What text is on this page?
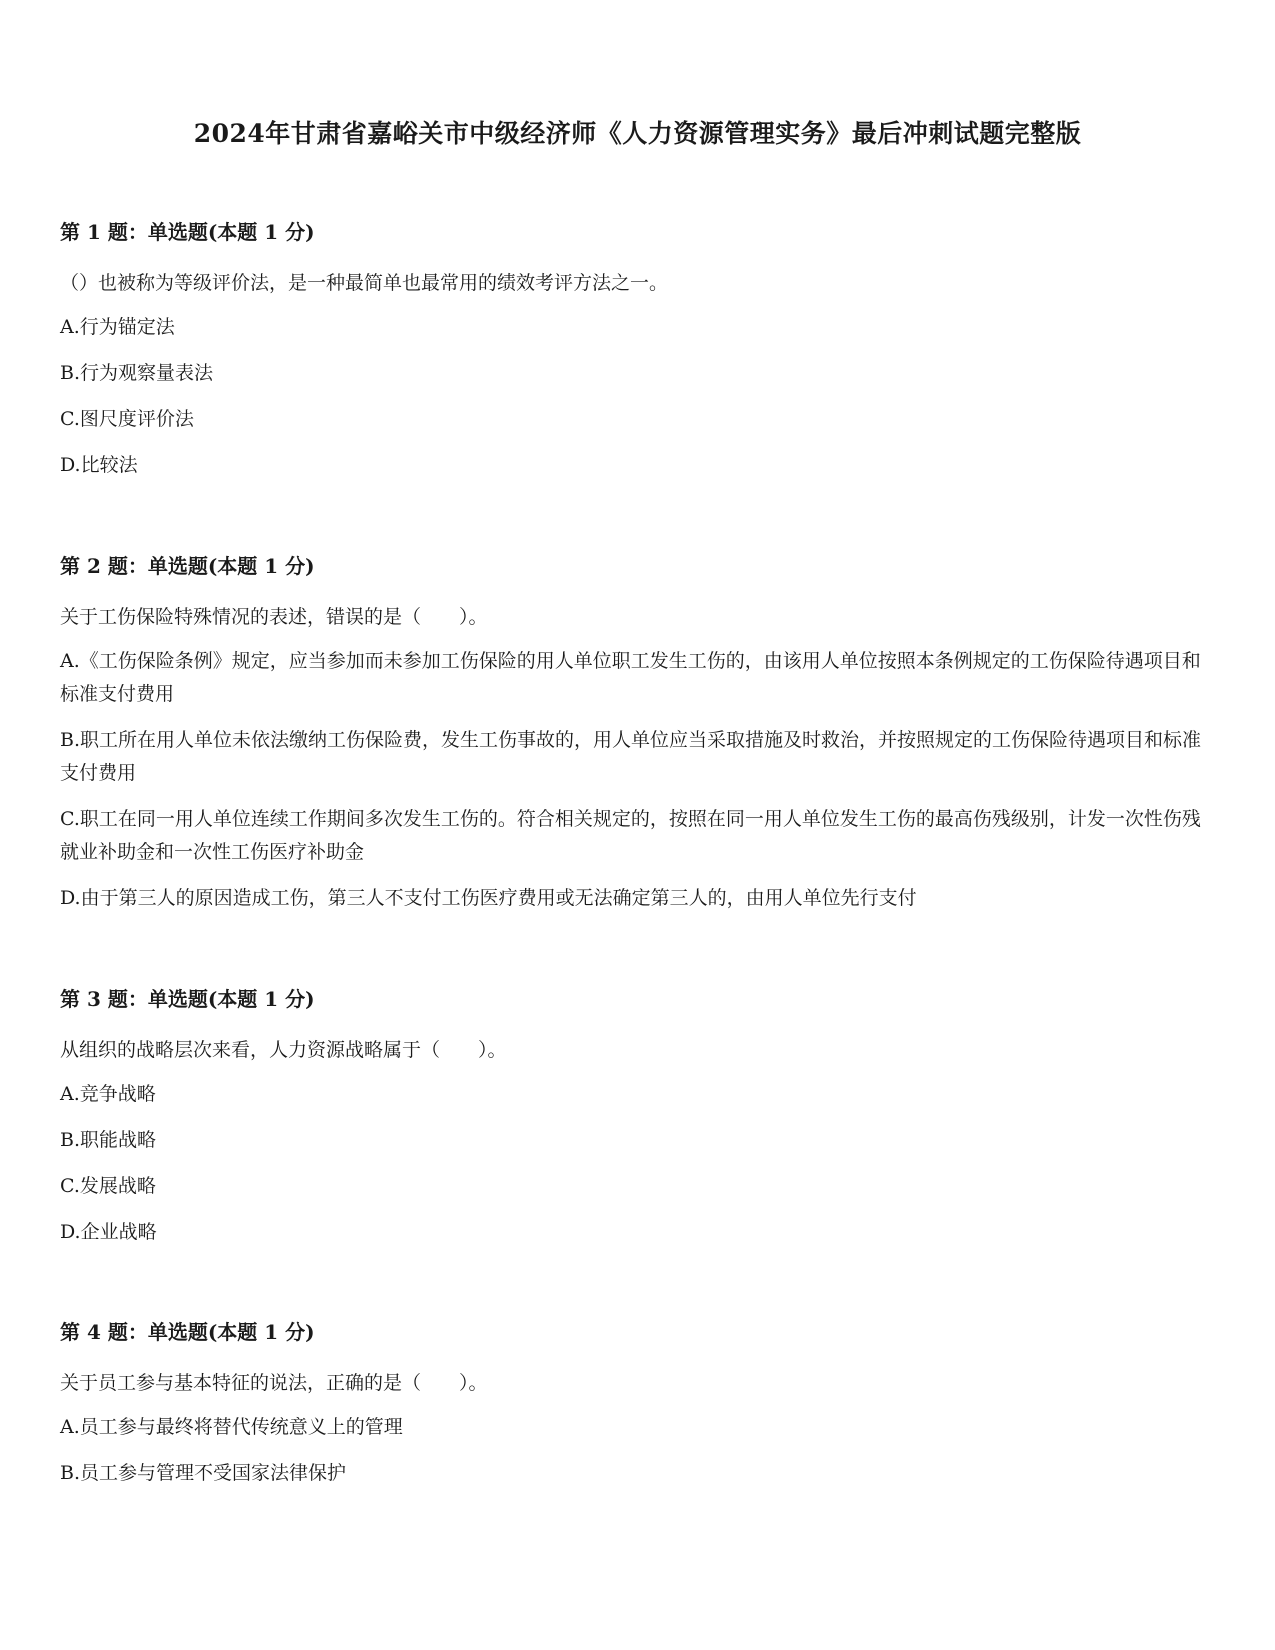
2024年甘肃省嘉峪关市中级经济师《人力资源管理实务》最后冲刺试题完整版
第 1 题：单选题(本题 1 分)
（）也被称为等级评价法，是一种最简单也最常用的绩效考评方法之一。
A.行为锚定法
B.行为观察量表法
C.图尺度评价法
D.比较法
第 2 题：单选题(本题 1 分)
关于工伤保险特殊情况的表述，错误的是（　　）。
A.《工伤保险条例》规定，应当参加而未参加工伤保险的用人单位职工发生工伤的，由该用人单位按照本条例规定的工伤保险待遇项目和标准支付费用
B.职工所在用人单位未依法缴纳工伤保险费，发生工伤事故的，用人单位应当采取措施及时救治，并按照规定的工伤保险待遇项目和标准支付费用
C.职工在同一用人单位连续工作期间多次发生工伤的。符合相关规定的，按照在同一用人单位发生工伤的最高伤残级别，计发一次性伤残就业补助金和一次性工伤医疗补助金
D.由于第三人的原因造成工伤，第三人不支付工伤医疗费用或无法确定第三人的，由用人单位先行支付
第 3 题：单选题(本题 1 分)
从组织的战略层次来看，人力资源战略属于（　　）。
A.竞争战略
B.职能战略
C.发展战略
D.企业战略
第 4 题：单选题(本题 1 分)
关于员工参与基本特征的说法，正确的是（　　）。
A.员工参与最终将替代传统意义上的管理
B.员工参与管理不受国家法律保护
